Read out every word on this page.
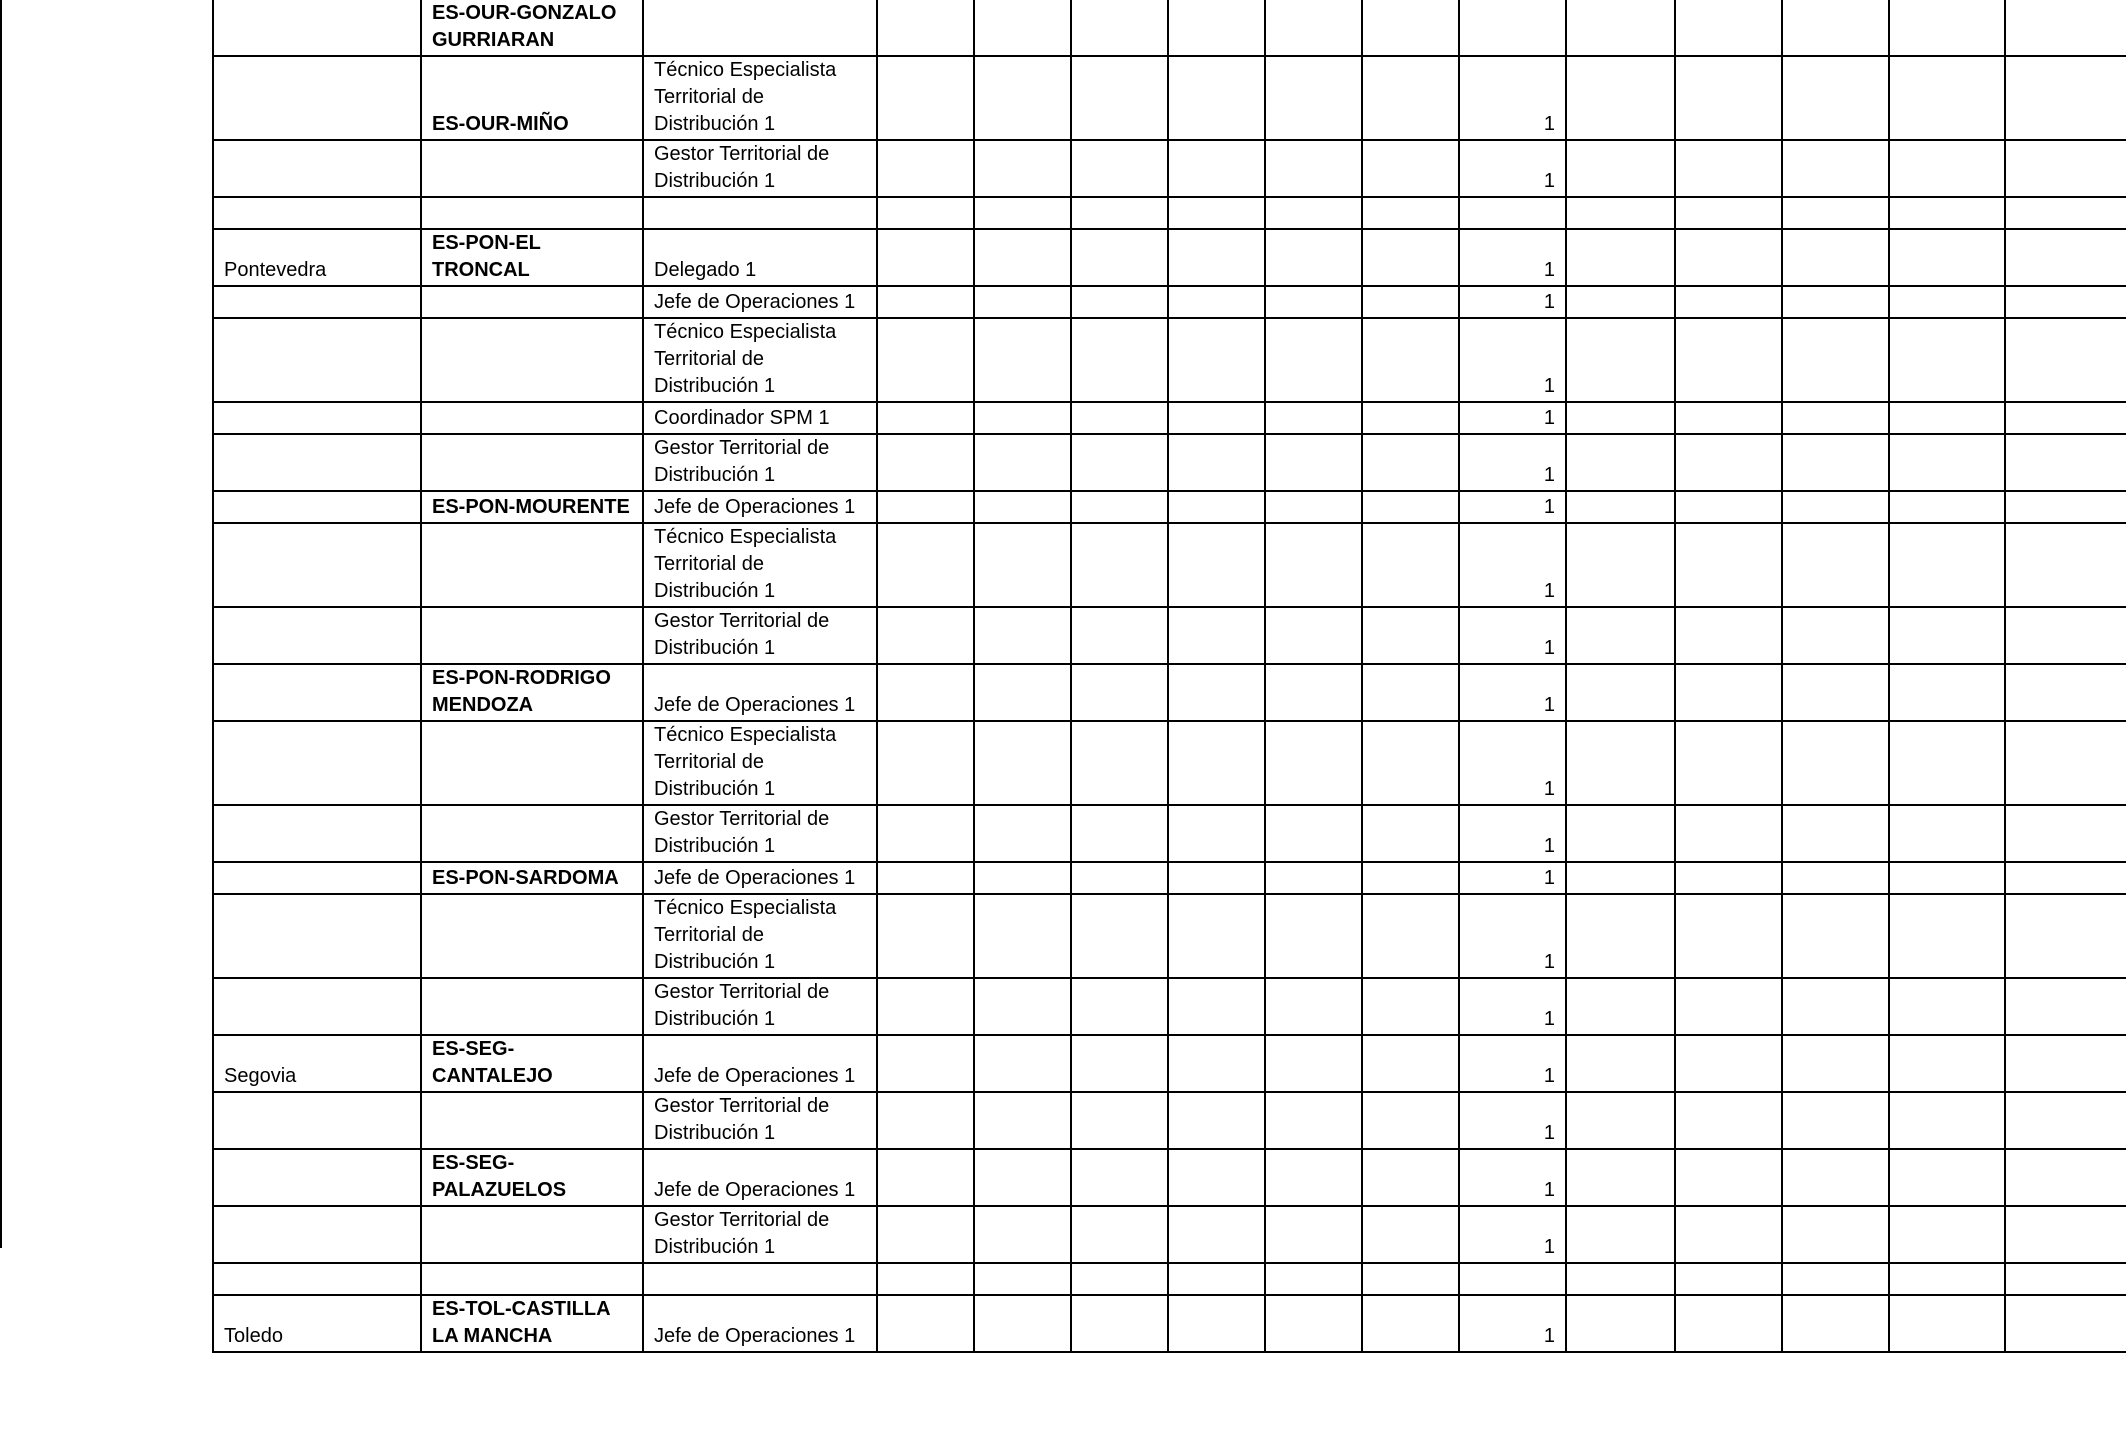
	ES-OUR-GONZALO GURRIARAN													
	ES-OUR-MIÑO	Técnico Especialista Territorial de Distribución 1							1					
		Gestor Territorial de Distribución 1							1					

Pontevedra	ES-PON-EL TRONCAL	Delegado 1							1					
		Jefe de Operaciones 1							1					
		Técnico Especialista Territorial de Distribución 1							1					
		Coordinador SPM 1							1					
		Gestor Territorial de Distribución 1							1					
	ES-PON-MOURENTE	Jefe de Operaciones 1							1					
		Técnico Especialista Territorial de Distribución 1							1					
		Gestor Territorial de Distribución 1							1					
	ES-PON-RODRIGO MENDOZA	Jefe de Operaciones 1							1					
		Técnico Especialista Territorial de Distribución 1							1					
		Gestor Territorial de Distribución 1							1					
	ES-PON-SARDOMA	Jefe de Operaciones 1							1					
		Técnico Especialista Territorial de Distribución 1							1					
		Gestor Territorial de Distribución 1							1					
Segovia	ES-SEG-CANTALEJO	Jefe de Operaciones 1							1					
		Gestor Territorial de Distribución 1							1					
	ES-SEG-PALAZUELOS	Jefe de Operaciones 1							1					
		Gestor Territorial de Distribución 1							1					

Toledo	ES-TOL-CASTILLA LA MANCHA	Jefe de Operaciones 1							1					
